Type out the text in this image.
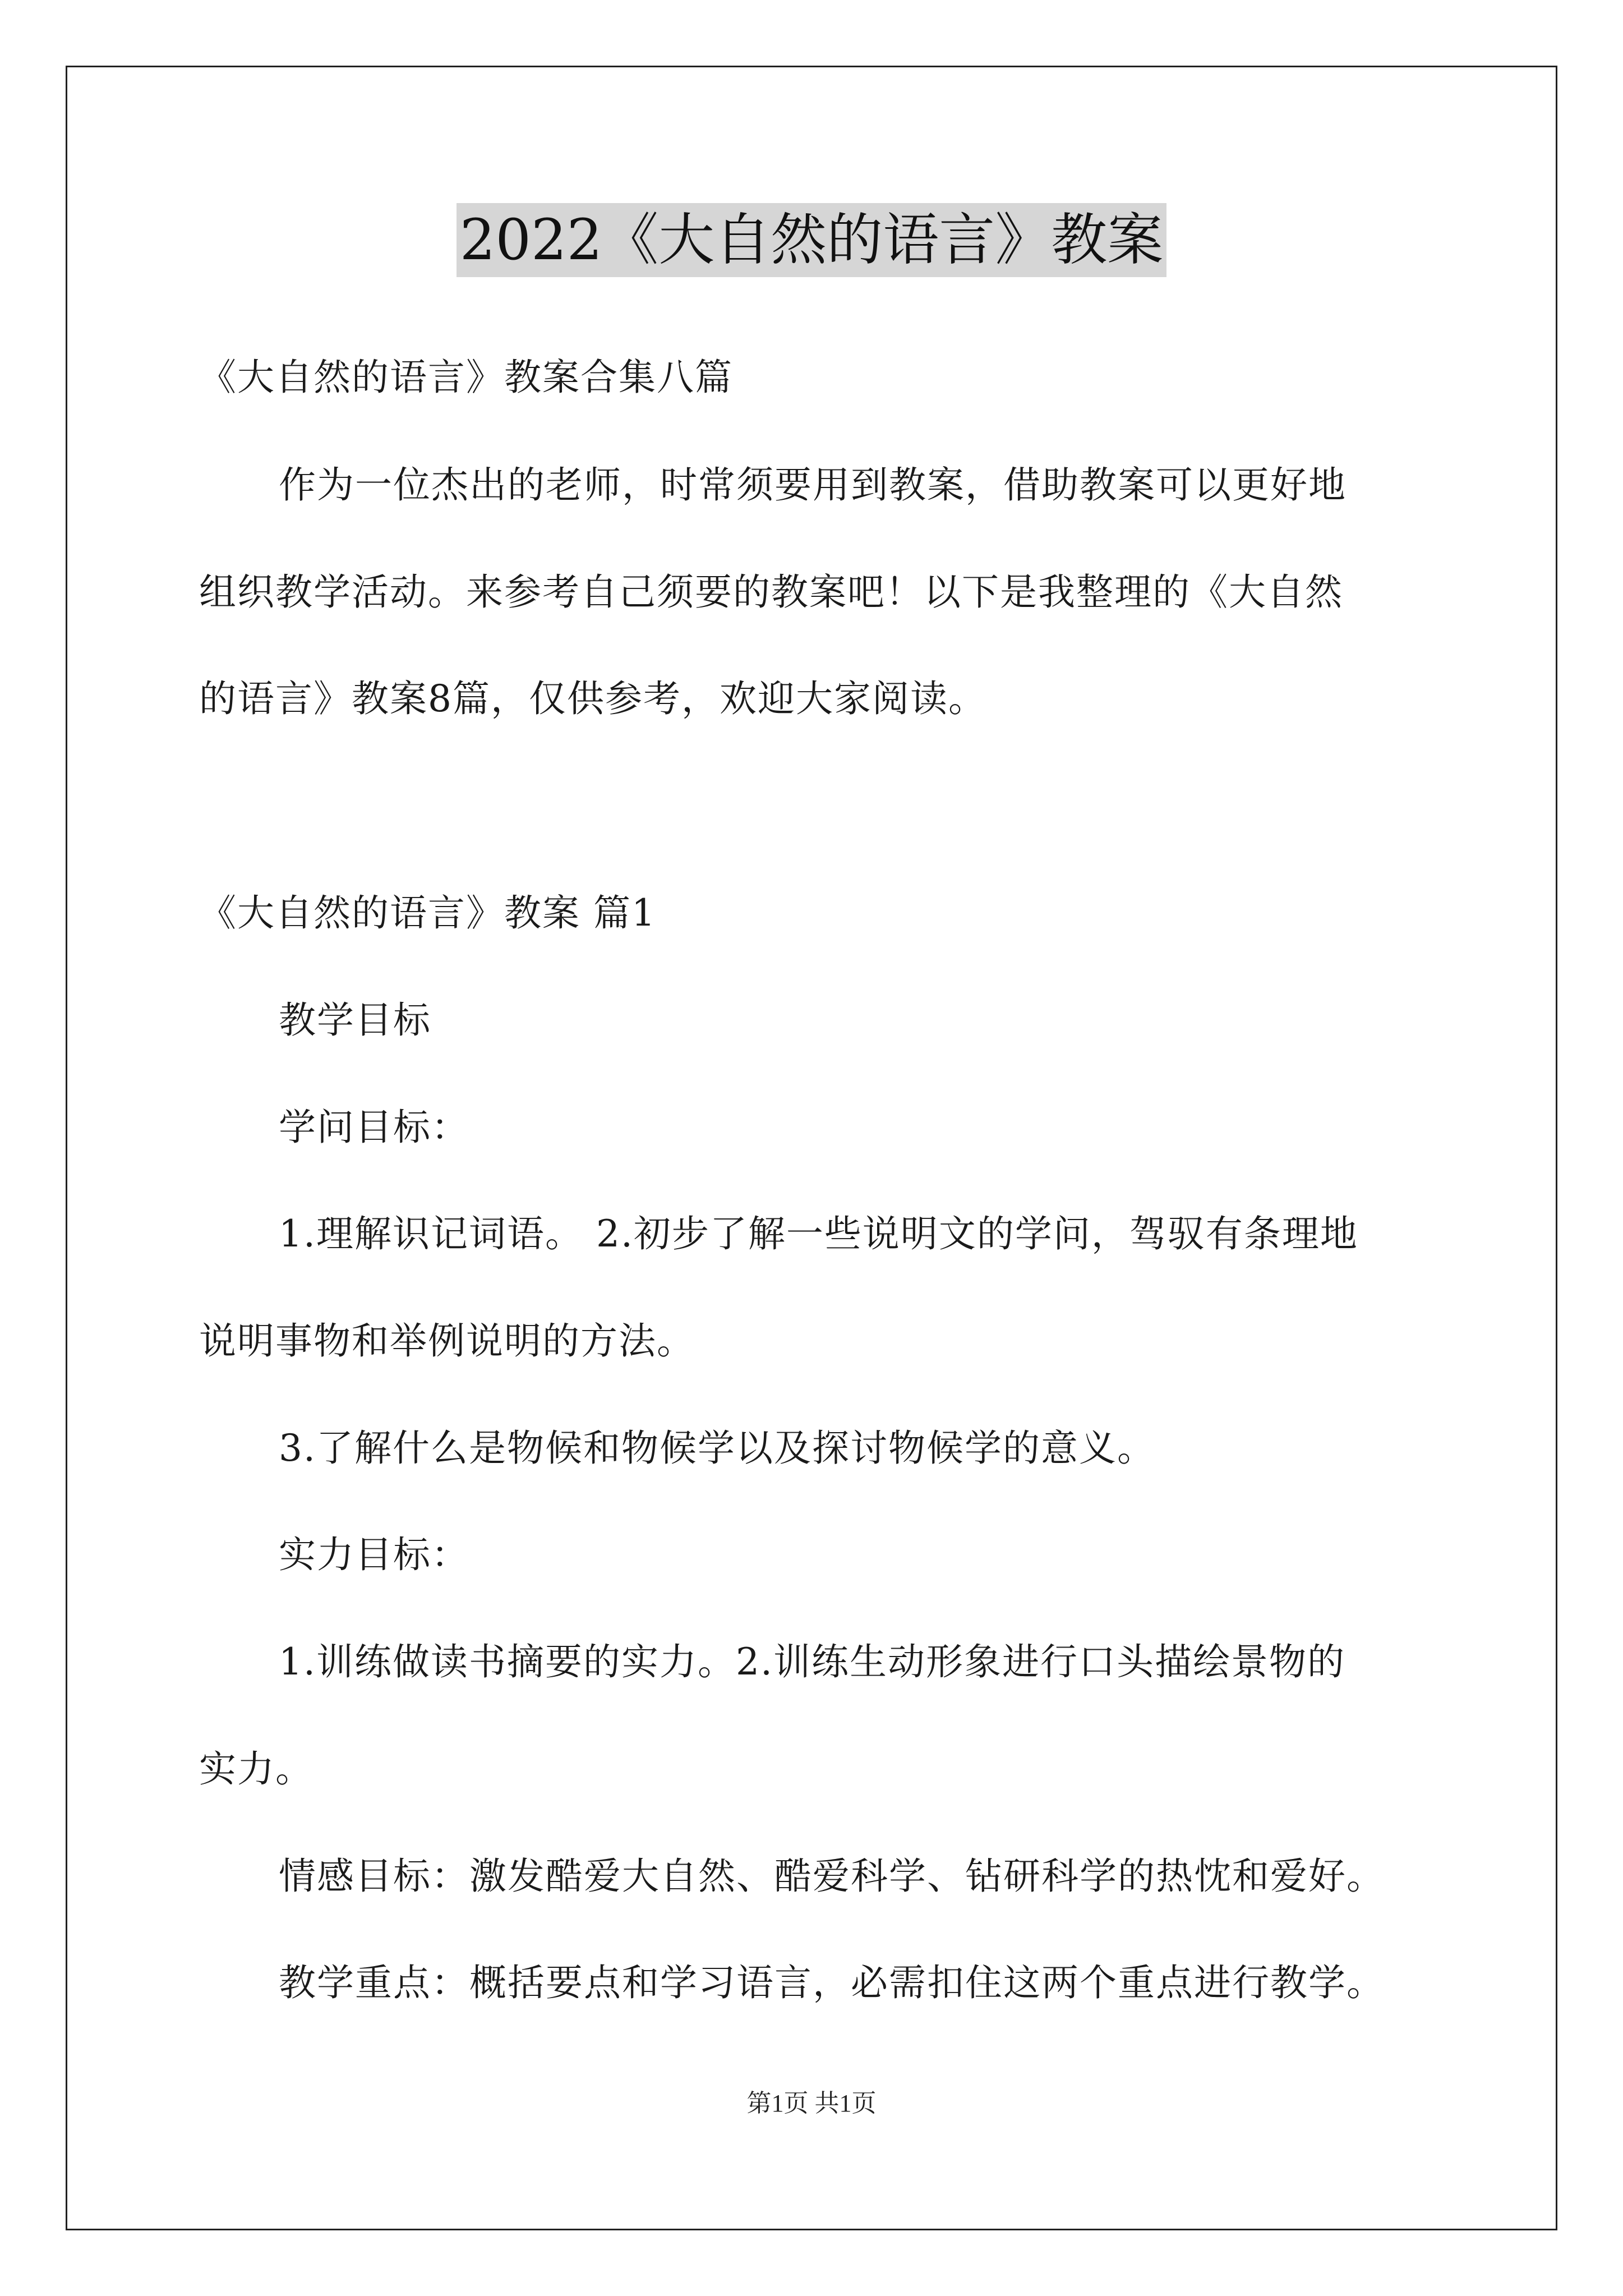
2022《大自然的语言》教案
《大自然的语言》教案合集八篇
作为一位杰出的老师，时常须要用到教案，借助教案可以更好地
组织教学活动。来参考自己须要的教案吧！以下是我整理的《大自然
的语言》教案8篇，仅供参考，欢迎大家阅读。
《大自然的语言》教案 篇1
教学目标
学问目标：
1.理解识记词语。 2.初步了解一些说明文的学问，驾驭有条理地
说明事物和举例说明的方法。
3.了解什么是物候和物候学以及探讨物候学的意义。
实力目标：
1.训练做读书摘要的实力。2.训练生动形象进行口头描绘景物的
实力。
情感目标：激发酷爱大自然、酷爱科学、钻研科学的热忱和爱好。
教学重点：概括要点和学习语言，必需扣住这两个重点进行教学。
第1页 共1页
